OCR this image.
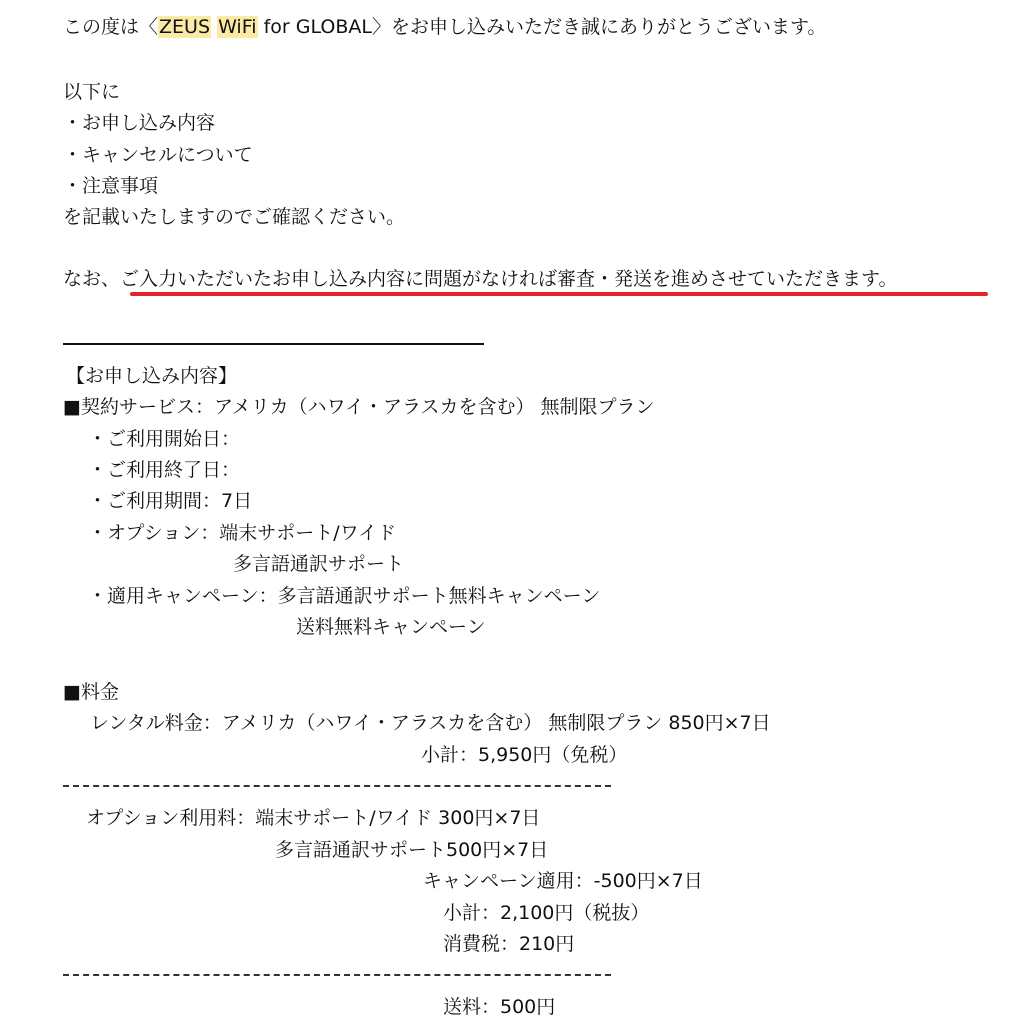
この度は〈ZEUS WiFi for GLOBAL〉をお申し込みいただき誠にありがとうございます。
以下に
・お申し込み内容
・キャンセルについて
・注意事項
を記載いたしますのでご確認ください。
なお、ご入力いただいたお申し込み内容に問題がなければ審査・発送を進めさせていただきます。
【お申し込み内容】
■契約サービス：アメリカ（ハワイ・アラスカを含む） 無制限プラン
・ご利用開始日：
・ご利用終了日：
・ご利用期間：7日
・オプション：端末サポート/ワイド
多言語通訳サポート
・適用キャンペーン：多言語通訳サポート無料キャンペーン
送料無料キャンペーン
■料金
レンタル料金：アメリカ（ハワイ・アラスカを含む） 無制限プラン 850円×7日
小計：5,950円（免税）
オプション利用料：端末サポート/ワイド 300円×7日
多言語通訳サポート500円×7日
キャンペーン適用：-500円×7日
小計：2,100円（税抜）
消費税：210円
送料：500円
